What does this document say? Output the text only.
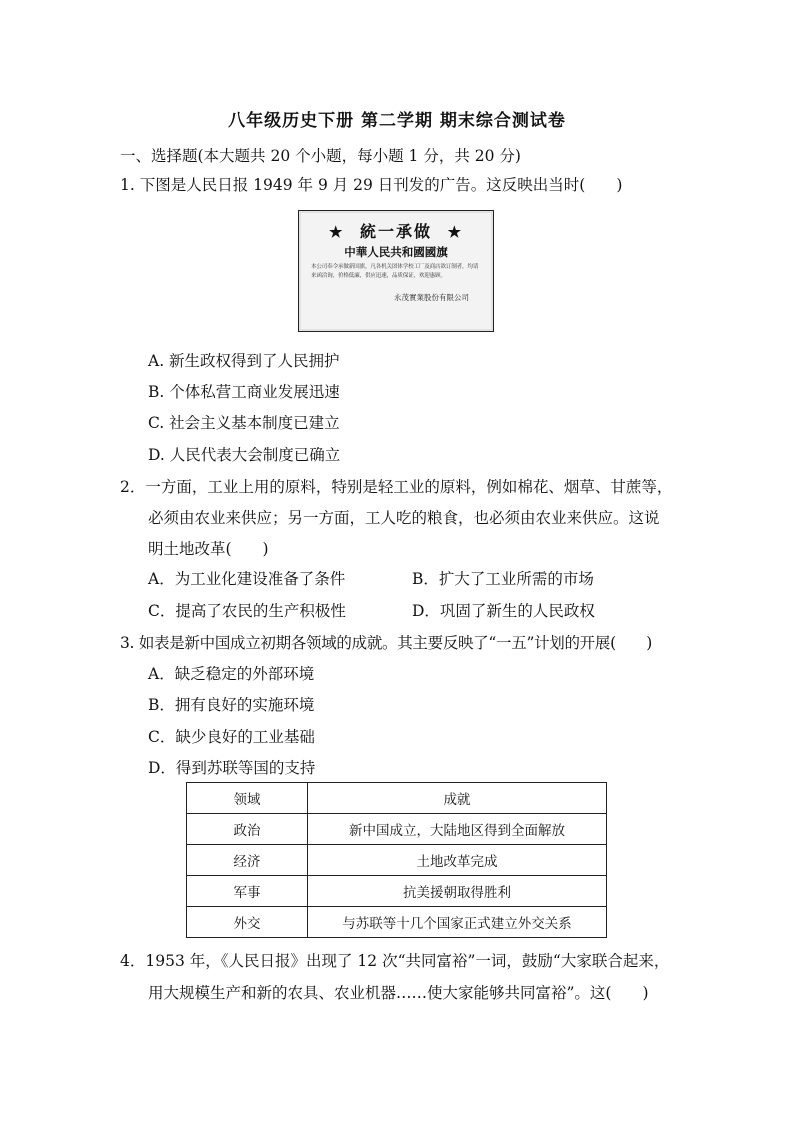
八年级历史下册 第二学期 期末综合测试卷
一、选择题(本大题共 20 个小题，每小题 1 分，共 20 分)
1. 下图是人民日报 1949 年 9 月 29 日刊发的广告。这反映出当时(　　)
★ 統一承做 ★
中華人民共和國國旗
本公司奉令承做新国旗，凡各机关团体学校工厂及商店欲订制者，均请来函洽询，价格低廉，供应迅速，品质保证，欢迎惠顾。
永茂實業股份有限公司
A. 新生政权得到了人民拥护
B. 个体私营工商业发展迅速
C. 社会主义基本制度已建立
D. 人民代表大会制度已确立
2．一方面，工业上用的原料，特别是轻工业的原料，例如棉花、烟草、甘蔗等，
必须由农业来供应；另一方面，工人吃的粮食，也必须由农业来供应。这说
明土地改革(　　)
A．为工业化建设准备了条件	B．扩大了工业所需的市场
C．提高了农民的生产积极性	D．巩固了新生的人民政权
3. 如表是新中国成立初期各领域的成就。其主要反映了“一五”计划的开展(　　)
A．缺乏稳定的外部环境
B．拥有良好的实施环境
C．缺少良好的工业基础
D．得到苏联等国的支持
领域	成就
政治	新中国成立，大陆地区得到全面解放
经济	土地改革完成
军事	抗美援朝取得胜利
外交	与苏联等十几个国家正式建立外交关系
4．1953 年，《人民日报》出现了 12 次“共同富裕”一词，鼓励“大家联合起来，
用大规模生产和新的农具、农业机器……使大家能够共同富裕”。这(　　)
